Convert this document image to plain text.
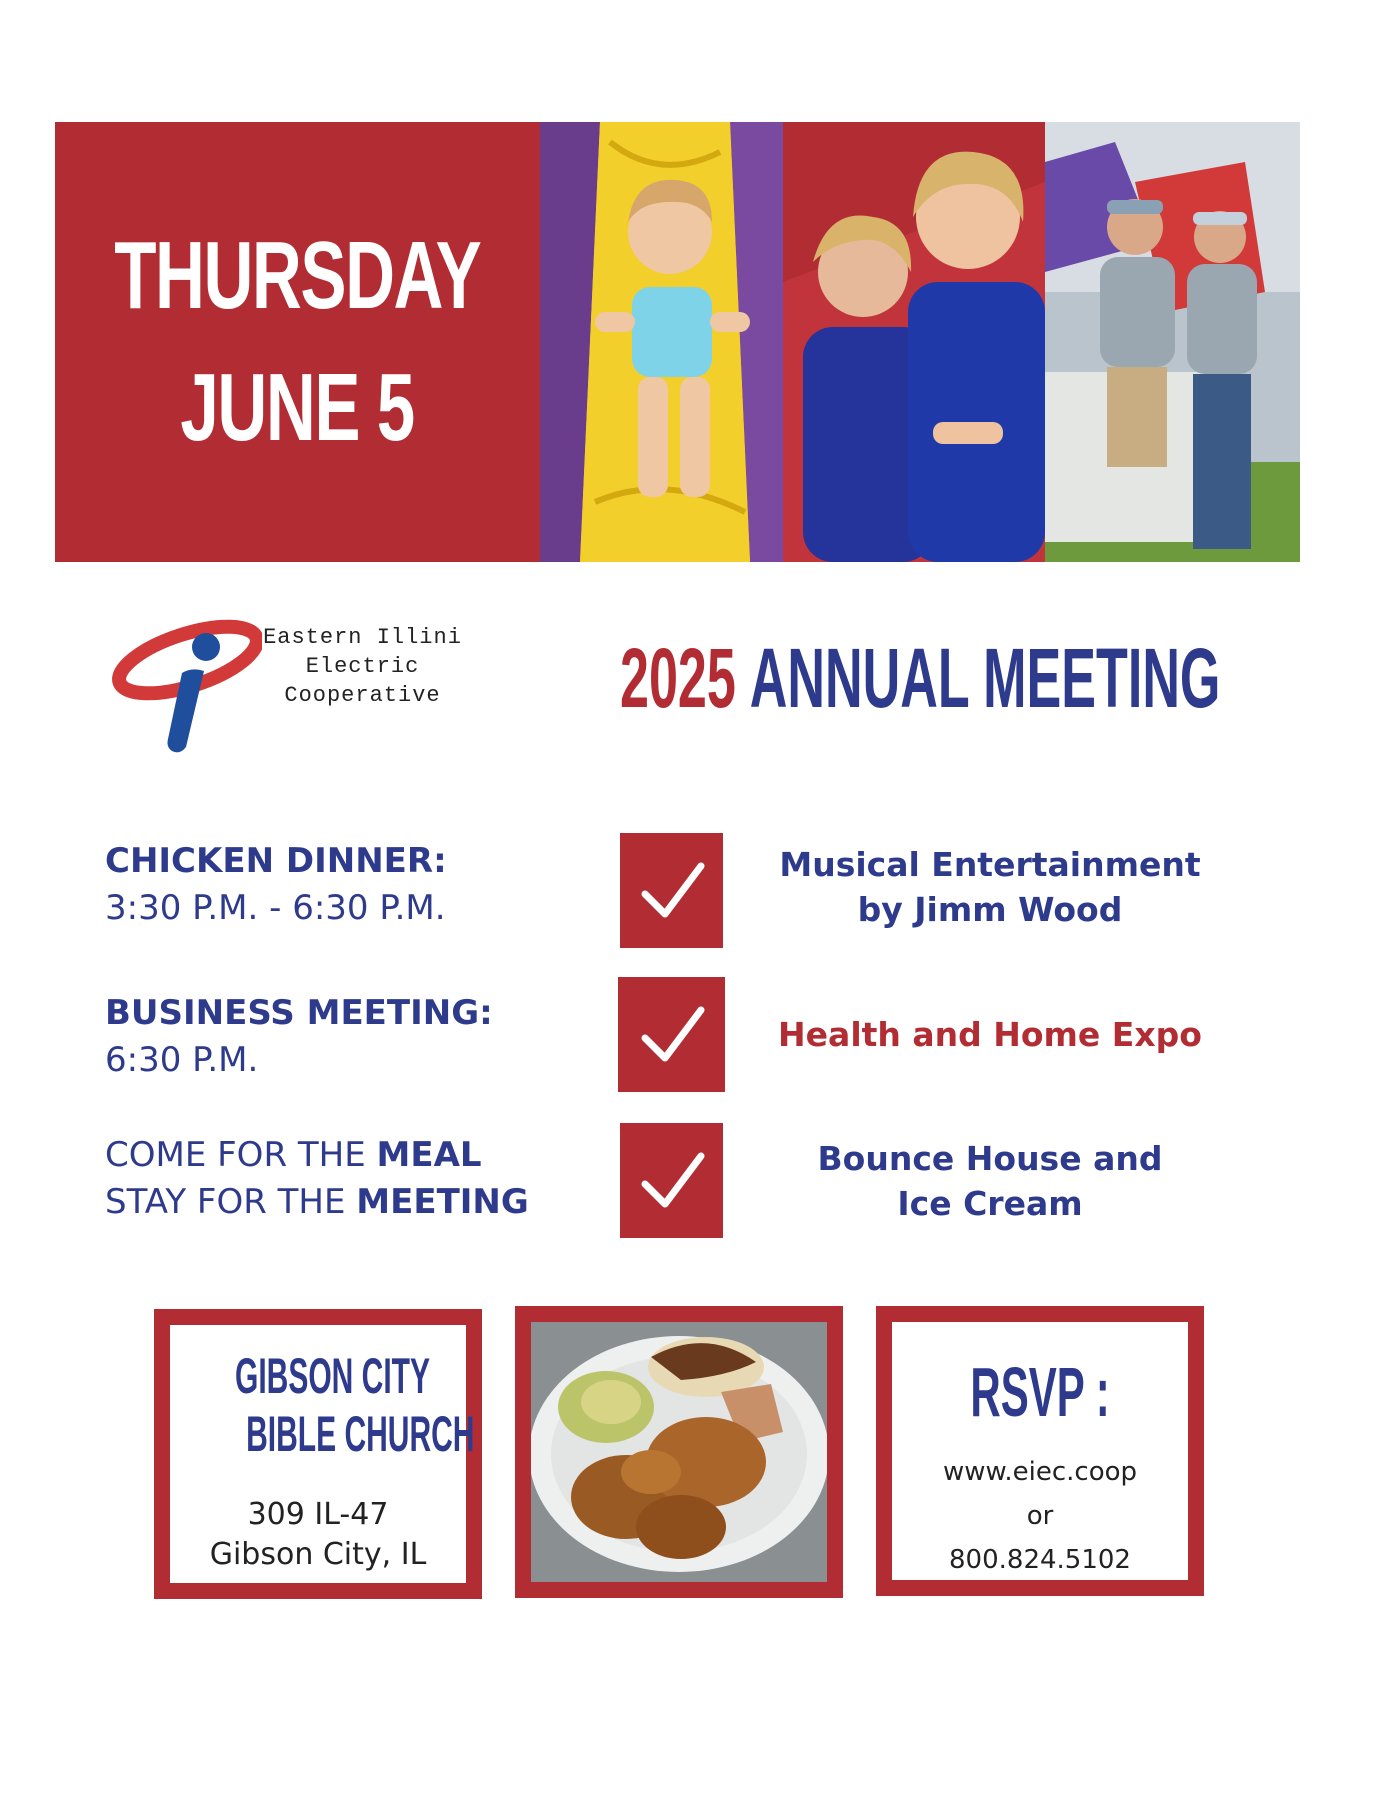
THURSDAY
JUNE 5
Eastern Illini
Electric
Cooperative	2025 ANNUAL MEETING
CHICKEN DINNER:
3:30 P.M. - 6:30 P.M.
BUSINESS MEETING:
6:30 P.M.
COME FOR THE MEAL
STAY FOR THE MEETING
Musical Entertainment
by Jimm Wood
Health and Home Expo
Bounce House and
Ice Cream
GIBSON CITY
BIBLE CHURCH
309 IL-47
Gibson City, IL
RSVP :
www.eiec.coop
or
800.824.5102
